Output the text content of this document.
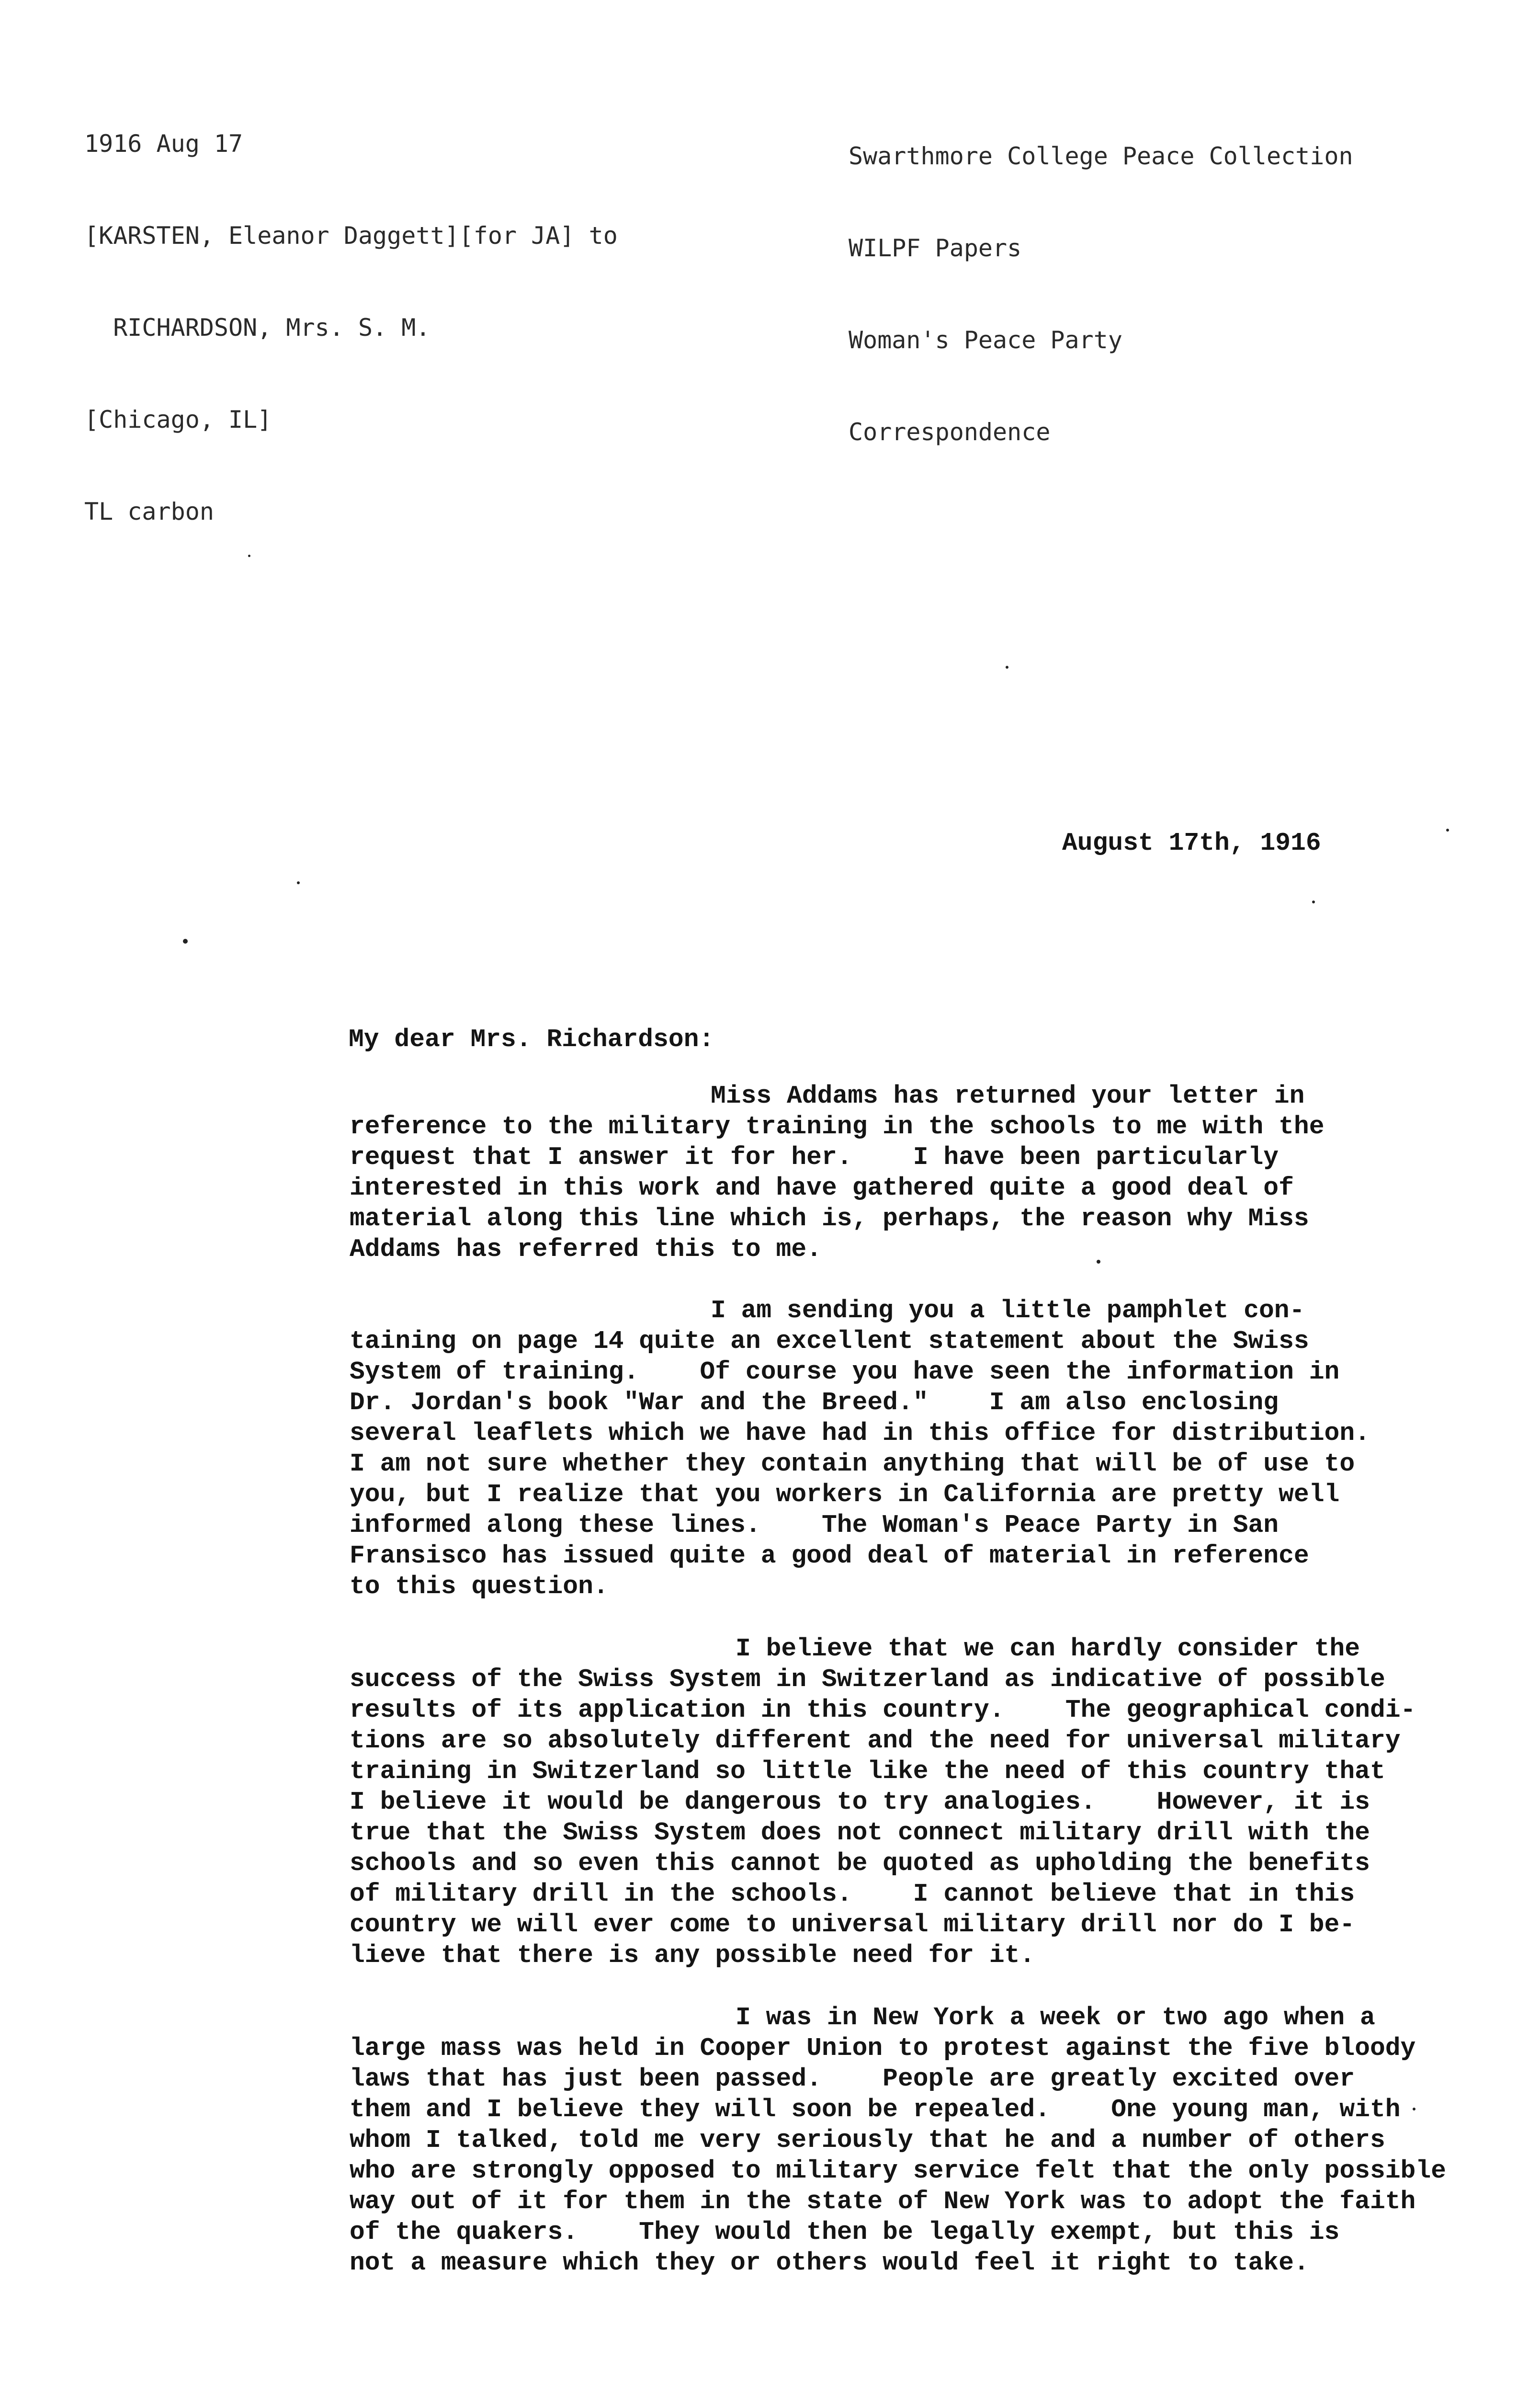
1916 Aug 17

[KARSTEN, Eleanor Daggett][for JA] to

RICHARDSON, Mrs. S. M.

[Chicago, IL]

TL carbon

Swarthmore College Peace Collection

WILPF Papers

Woman's Peace Party

Correspondence

August 17th, 1916
My dear Mrs. Richardson:
Miss Addams has returned your letter in
reference to the military training in the schools to me with the
request that I answer it for her.    I have been particularly
interested in this work and have gathered quite a good deal of
material along this line which is, perhaps, the reason why Miss
Addams has referred this to me.
I am sending you a little pamphlet con-
taining on page 14 quite an excellent statement about the Swiss
System of training.    Of course you have seen the information in
Dr. Jordan's book "War and the Breed."    I am also enclosing
several leaflets which we have had in this office for distribution.
I am not sure whether they contain anything that will be of use to
you, but I realize that you workers in California are pretty well
informed along these lines.    The Woman's Peace Party in San
Fransisco has issued quite a good deal of material in reference
to this question.
I believe that we can hardly consider the
success of the Swiss System in Switzerland as indicative of possible
results of its application in this country.    The geographical condi-
tions are so absolutely different and the need for universal military
training in Switzerland so little like the need of this country that
I believe it would be dangerous to try analogies.    However, it is
true that the Swiss System does not connect military drill with the
schools and so even this cannot be quoted as upholding the benefits
of military drill in the schools.    I cannot believe that in this
country we will ever come to universal military drill nor do I be-
lieve that there is any possible need for it.
I was in New York a week or two ago when a
large mass was held in Cooper Union to protest against the five bloody
laws that has just been passed.    People are greatly excited over
them and I believe they will soon be repealed.    One young man, with
whom I talked, told me very seriously that he and a number of others
who are strongly opposed to military service felt that the only possible
way out of it for them in the state of New York was to adopt the faith
of the quakers.    They would then be legally exempt, but this is
not a measure which they or others would feel it right to take.
